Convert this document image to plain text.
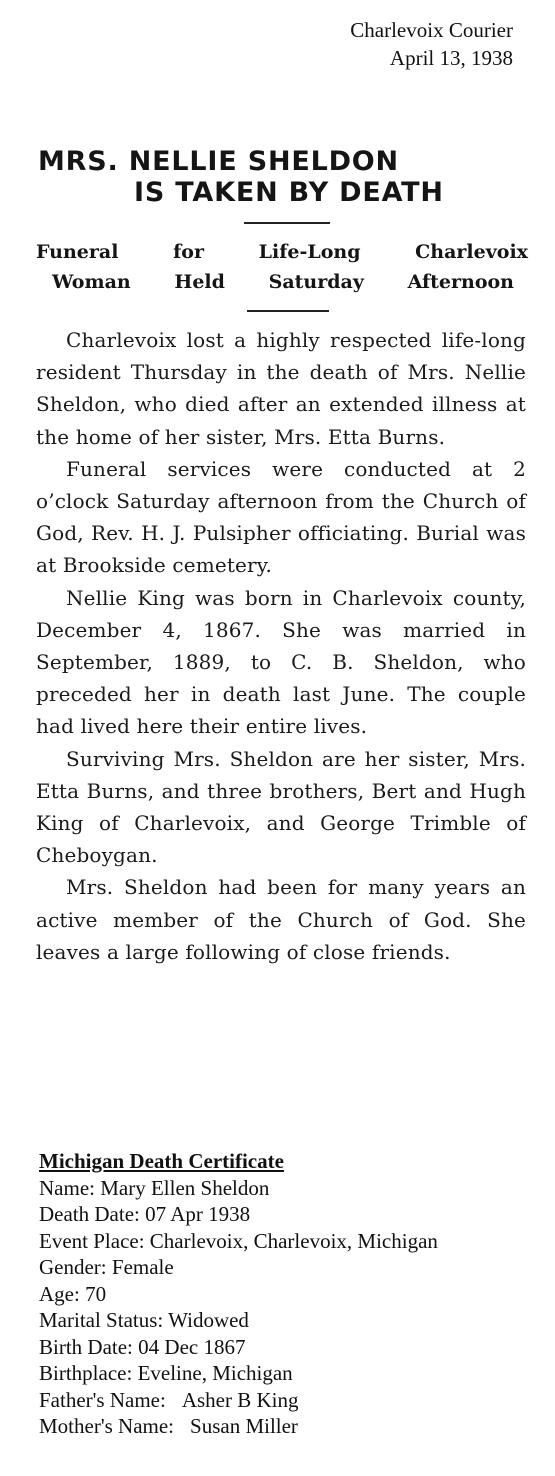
Charlevoix Courier
April 13, 1938
MRS. NELLIE SHELDON
IS TAKEN BY DEATH
Funeral for Life-Long Charlevoix
Woman Held Saturday Afternoon

Charlevoix lost a highly respected life-long resident Thursday in the death of Mrs. Nellie Sheldon, who died after an extended illness at the home of her sister, Mrs. Etta Burns.

Funeral services were conducted at 2 o’clock Saturday afternoon from the Church of God, Rev. H. J. Pulsipher officiating. Burial was at Brookside cemetery.

Nellie King was born in Charlevoix county, December 4, 1867. She was married in September, 1889, to C. B. Sheldon, who preceded her in death last June. The couple had lived here their entire lives.

Surviving Mrs. Sheldon are her sister, Mrs. Etta Burns, and three brothers, Bert and Hugh King of Charlevoix, and George Trimble of Cheboygan.

Mrs. Sheldon had been for many years an active member of the Church of God. She leaves a large following of close friends.

Michigan Death Certificate
Name: Mary Ellen Sheldon
Death Date: 07 Apr 1938
Event Place: Charlevoix, Charlevoix, Michigan
Gender: Female
Age: 70
Marital Status: Widowed
Birth Date: 04 Dec 1867
Birthplace: Eveline, Michigan
Father's Name: Asher B King
Mother's Name: Susan Miller
